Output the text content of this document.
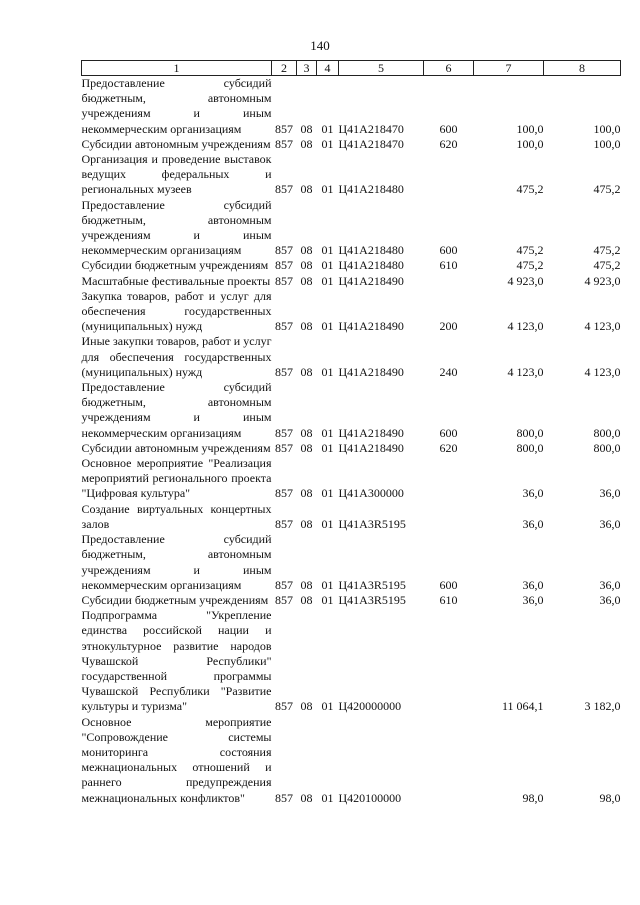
140
1	2	3	4	5	6	7	8
Предоставление субсидий бюджетным, автономным учреждениям и иным некоммерческим организациям	857	08	01	Ц41А218470	600	100,0	100,0
Субсидии автономным учреждениям	857	08	01	Ц41А218470	620	100,0	100,0
Организация и проведение выставок ведущих федеральных и региональных музеев	857	08	01	Ц41А218480		475,2	475,2
Предоставление субсидий бюджетным, автономным учреждениям и иным некоммерческим организациям	857	08	01	Ц41А218480	600	475,2	475,2
Субсидии бюджетным учреждениям	857	08	01	Ц41А218480	610	475,2	475,2
Масштабные фестивальные проекты	857	08	01	Ц41А218490		4 923,0	4 923,0
Закупка товаров, работ и услуг для обеспечения государственных (муниципальных) нужд	857	08	01	Ц41А218490	200	4 123,0	4 123,0
Иные закупки товаров, работ и услуг для обеспечения государственных (муниципальных) нужд	857	08	01	Ц41А218490	240	4 123,0	4 123,0
Предоставление субсидий бюджетным, автономным учреждениям и иным некоммерческим организациям	857	08	01	Ц41А218490	600	800,0	800,0
Субсидии автономным учреждениям	857	08	01	Ц41А218490	620	800,0	800,0
Основное мероприятие "Реализация мероприятий регионального проекта "Цифровая культура"	857	08	01	Ц41А300000		36,0	36,0
Создание виртуальных концертных залов	857	08	01	Ц41А3R5195		36,0	36,0
Предоставление субсидий бюджетным, автономным учреждениям и иным некоммерческим организациям	857	08	01	Ц41А3R5195	600	36,0	36,0
Субсидии бюджетным учреждениям	857	08	01	Ц41А3R5195	610	36,0	36,0
Подпрограмма "Укрепление единства российской нации и этнокультурное развитие народов Чувашской Республики" государственной программы Чувашской Республики "Развитие культуры и туризма"	857	08	01	Ц420000000		11 064,1	3 182,0
Основное мероприятие "Сопровождение системы мониторинга состояния межнациональных отношений и раннего предупреждения межнациональных конфликтов"	857	08	01	Ц420100000		98,0	98,0
